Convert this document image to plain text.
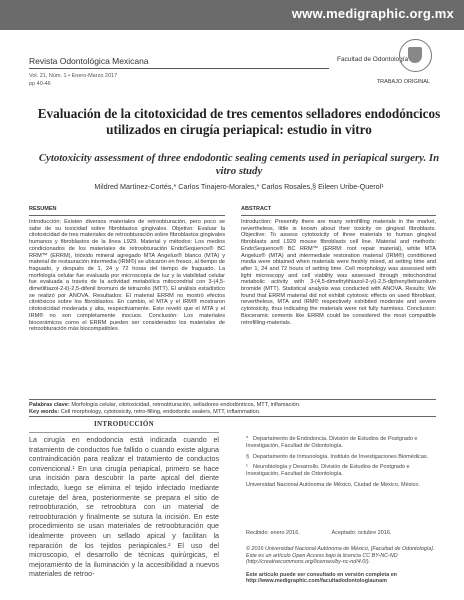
www.medigraphic.org.mx
Revista Odontológica Mexicana	Facultad de Odontología
Vol. 21, Núm. 1 • Enero-Marzo 2017
pp 40-46	TRABAJO ORIGINAL
Evaluación de la citotoxicidad de tres cementos selladores endodóncicos utilizados en cirugía periapical: estudio in vitro
Cytotoxicity assessment of three endodontic sealing cements used in periapical surgery. In vitro study
Mildred Martínez-Cortés,* Carlos Tinajero-Morales,* Carlos Rosales,§ Eileen Uribe-Querol¹
RESUMEN
Introducción: Existen diversos materiales de retroobturación, pero poco se sabe de su toxicidad sobre fibroblastos gingivales. Objetivo: Evaluar la citotoxicidad de tres materiales de retroobturación sobre fibroblastos gingivales humanos y fibroblastos de la línea L929. Material y métodos: Los medios condicionados de los materiales de retroobturación EndoSequence® BC RRM™ (ERRM), trióxido mineral agregado MTA Angelus® blanco (MTA) y material de restauración intermedia (IRM®) se ubicaron en fresco, al tiempo de fraguado, y después de 1, 24 y 72 horas del tiempo de fraguado. La morfología celular fue evaluada por microscopía de luz y la viabilidad celular fue evaluada a través de la actividad metabólica mitocondrial con 3-(4,5-dimetiltiazol-2-il)-2,5-difenil bromuro de tetrazolio (MTT). El análisis estadístico se realizó por ANOVA. Resultados: El material ERRM no mostró efectos citotóxicos sobre los fibroblastos. En cambio, el MTA y el IRM® mostraron citotoxicidad moderada y alta, respectivamente. Esto reveló que el MTA y el IRM® no son completamente inocuos. Conclusión: Los materiales biocerámicos como el ERRM pueden ser considerados los materiales de retroobturación más biocompatibles.
ABSTRACT
Introduction: Presently there are many retrofilling materials in the market, nevertheless, little is known about their toxicity on gingival fibroblasts. Objective: To assess cytotoxicity of three materials to human gingival fibroblasts and L929 mouse fibroblasts cell line. Material and methods: EndoSequence® BC RRM™ (ERRM: root repair material), white MTA Angelus® (MTA) and intermediate restoration material (IRM®) conditioned media were obtained when materials were freshly mixed, at setting time and after 1, 24 and 72 hours of setting time. Cell morphology was assessed with light microscopy and cell viability was assessed through mitochondrial metabolic activity with 3-(4,5-dimethylthiazol-2-yl)-2,5-diphenyltetrazolium bromide (MTT). Statistical analysis was conducted with ANOVA. Results: We found that ERRM material did not exhibit cytotoxic effects on used fibroblast, nevertheless, MTA and IRM® respectively exhibited moderate and severe cytotoxicity, thus indicating the materials were not fully harmless. Conclusion: Bioceramic cements like ERRM could be considered the most compatible retrofilling-materials.
Palabras clave: Morfología celular, citotoxicidad, retroobturación, selladores endodónticos, MTT, inflamación.
Key words: Cell morphology, cytotoxicity, retro-filling, endodontic sealers, MTT, inflammation.
INTRODUCCIÓN
La cirugía en endodoncia está indicada cuando el tratamiento de conductos fue fallido o cuando existe alguna contraindicación para realizar el tratamiento de conductos convencional.¹ En una cirugía periapical, primero se hace una incisión para descubrir la parte apical del diente infectado, luego se elimina el tejido infectado mediante curetaje del área, posteriormente se prepara el sitio de retroobturación, se retroobtura con un material de retroobturación y finalmente se sutura la incisión. En este procedimiento se usan materiales de retroobturación que idealmente proveen un sellado apical y facilitan la reparación de los tejidos periapicales.² El uso del microscopio, el desarrollo de técnicas quirúrgicas, el mejoramiento de la iluminación y la accesibilidad a nuevos materiales de retroo-

* Departamento de Endodoncia. División de Estudios de Postgrado e Investigación, Facultad de Odontología.

§ Departamento de Inmunología. Instituto de Investigaciones Biomédicas.

¹ Neurobiología y Desarrollo. División de Estudios de Postgrado e Investigación, Facultad de Odontología.

Universidad Nacional Autónoma de México, Ciudad de México, México.

Recibido: enero 2016.	Aceptado: octubre 2016.
© 2016 Universidad Nacional Autónoma de México, [Facultad de Odontología]. Este es un artículo Open Access bajo la licencia CC BY-NC-ND (http://creativecommons.org/licenses/by-nc-nd/4.0/).
Este artículo puede ser consultado en versión completa en http://www.medigraphic.com/facultadodontologiaunam
